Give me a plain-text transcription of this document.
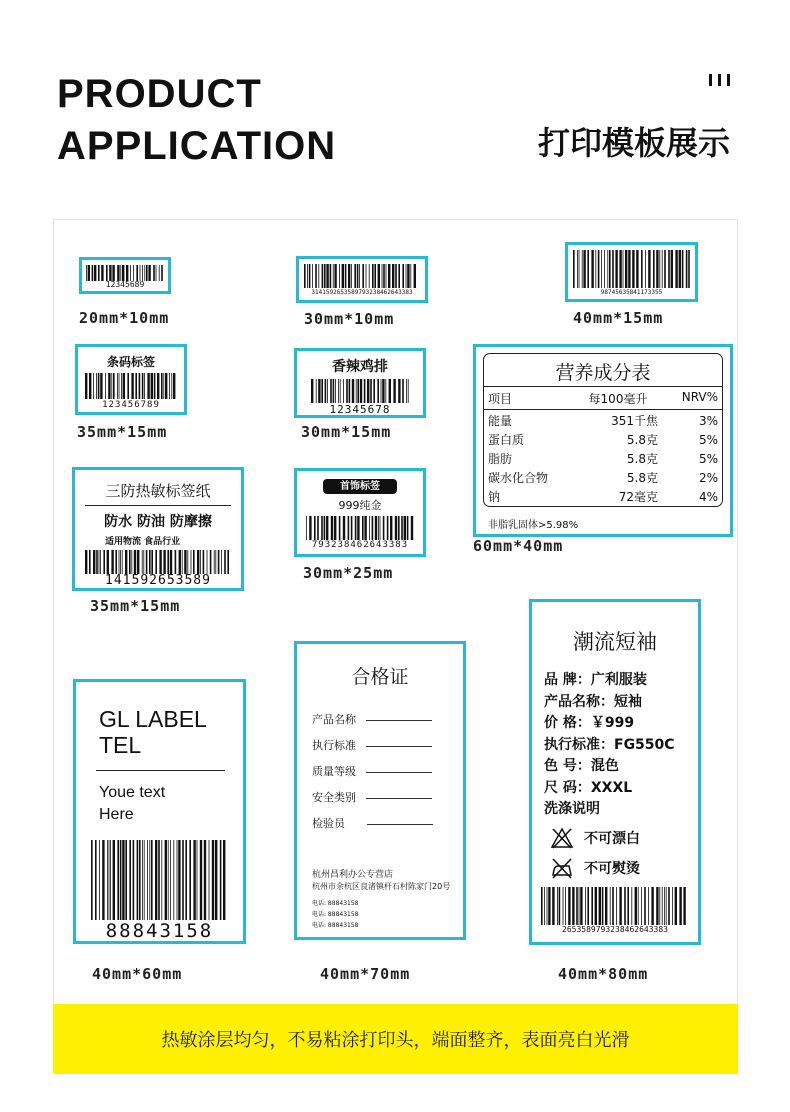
PRODUCT
APPLICATION	打印模板展示
12345689
20mm*10mm
3141592653589793238462643383
30mm*10mm
98745635841173355
40mm*15mm
条码标签
123456789
35mm*15mm
香辣鸡排
12345678
30mm*15mm
营养成分表
项目	每100毫升	NRV%
能量	351千焦	3%
蛋白质	5.8克	5%
脂肪	5.8克	5%
碳水化合物	5.8克	2%
钠	72毫克	4%
非脂乳固体>5.98%
60mm*40mm
三防热敏标签纸
防水 防油 防摩擦
适用物流 食品行业
141592653589
35mm*15mm
首饰标签
999纯金
793238462643383
30mm*25mm
GL LABEL
TEL
Youe text
Here
88843158
40mm*60mm
合格证
产品名称
执行标准
质量等级
安全类别
检验员
杭州昌利办公专营店
杭州市余杭区良渚镇杆石村陈家门20号
电话: 88843158
电话: 88843158
电话: 88843158
40mm*70mm
潮流短袖
品 牌：广利服装
产品名称：短袖
价 格：￥999
执行标准：FG550C
色 号：混色
尺 码：XXXL
洗涤说明
不可漂白
不可熨烫
2653589793238462643383
40mm*80mm
热敏涂层均匀，不易粘涂打印头，端面整齐，表面亮白光滑
